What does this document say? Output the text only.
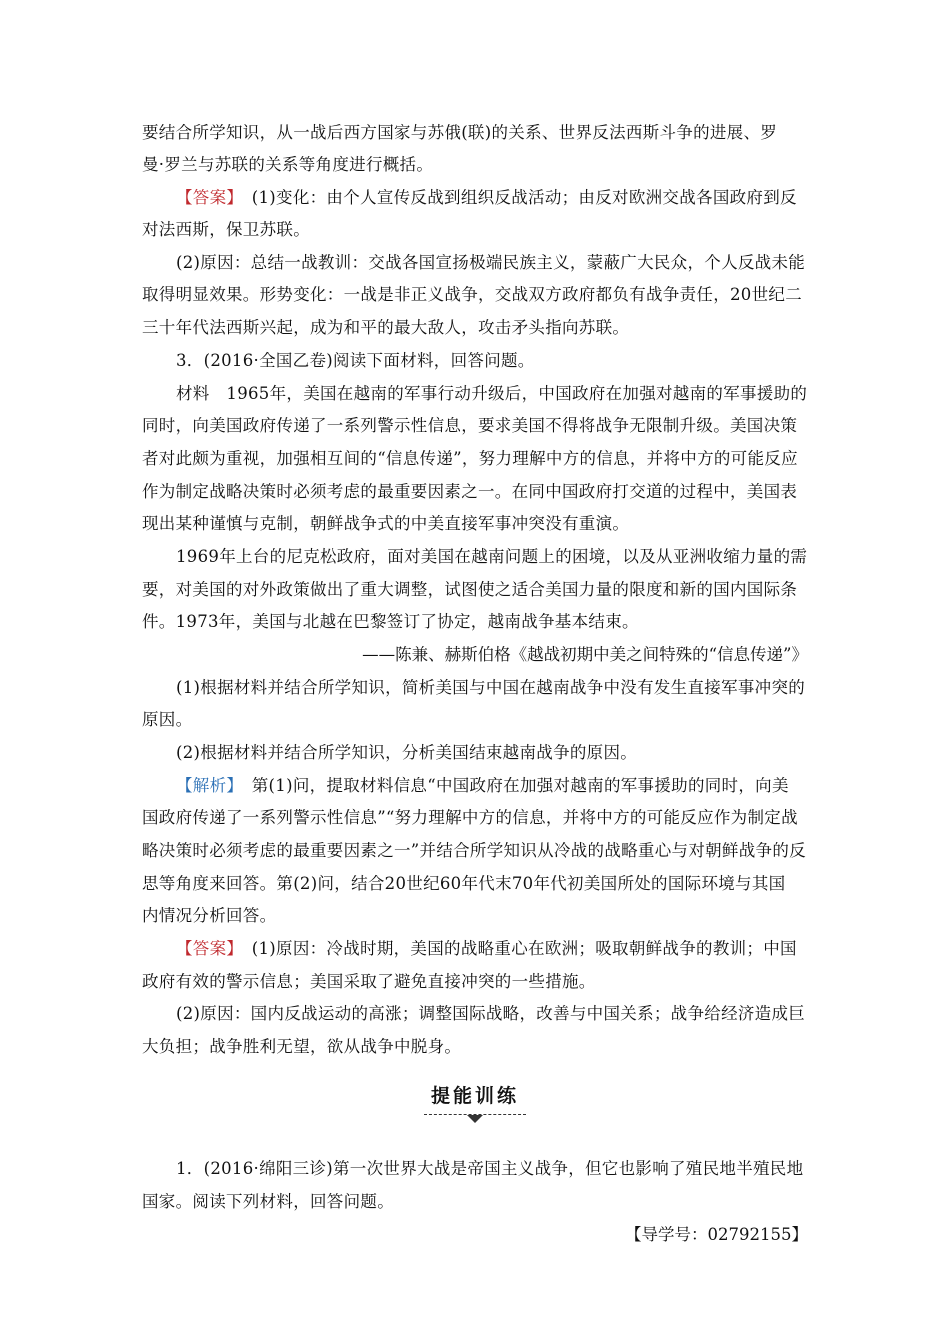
要结合所学知识，从一战后西方国家与苏俄(联)的关系、世界反法西斯斗争的进展、罗
曼·罗兰与苏联的关系等角度进行概括。
【答案】　(1)变化：由个人宣传反战到组织反战活动；由反对欧洲交战各国政府到反
对法西斯，保卫苏联。
(2)原因：总结一战教训：交战各国宣扬极端民族主义，蒙蔽广大民众，个人反战未能
取得明显效果。形势变化：一战是非正义战争，交战双方政府都负有战争责任，20世纪二
三十年代法西斯兴起，成为和平的最大敌人，攻击矛头指向苏联。
3．(2016·全国乙卷)阅读下面材料，回答问题。
材料　1965年，美国在越南的军事行动升级后，中国政府在加强对越南的军事援助的
同时，向美国政府传递了一系列警示性信息，要求美国不得将战争无限制升级。美国决策
者对此颇为重视，加强相互间的“信息传递”，努力理解中方的信息，并将中方的可能反应
作为制定战略决策时必须考虑的最重要因素之一。在同中国政府打交道的过程中，美国表
现出某种谨慎与克制，朝鲜战争式的中美直接军事冲突没有重演。
1969年上台的尼克松政府，面对美国在越南问题上的困境，以及从亚洲收缩力量的需
要，对美国的对外政策做出了重大调整，试图使之适合美国力量的限度和新的国内国际条
件。1973年，美国与北越在巴黎签订了协定，越南战争基本结束。
——陈兼、赫斯伯格《越战初期中美之间特殊的“信息传递”》
(1)根据材料并结合所学知识，简析美国与中国在越南战争中没有发生直接军事冲突的
原因。
(2)根据材料并结合所学知识，分析美国结束越南战争的原因。
【解析】　第(1)问，提取材料信息“中国政府在加强对越南的军事援助的同时，向美
国政府传递了一系列警示性信息”“努力理解中方的信息，并将中方的可能反应作为制定战
略决策时必须考虑的最重要因素之一”并结合所学知识从冷战的战略重心与对朝鲜战争的反
思等角度来回答。第(2)问，结合20世纪60年代末70年代初美国所处的国际环境与其国
内情况分析回答。
【答案】　(1)原因：冷战时期，美国的战略重心在欧洲；吸取朝鲜战争的教训；中国
政府有效的警示信息；美国采取了避免直接冲突的一些措施。
(2)原因：国内反战运动的高涨；调整国际战略，改善与中国关系；战争给经济造成巨
大负担；战争胜利无望，欲从战争中脱身。
提能训练
1．(2016·绵阳三诊)第一次世界大战是帝国主义战争，但它也影响了殖民地半殖民地
国家。阅读下列材料，回答问题。
【导学号：02792155】
